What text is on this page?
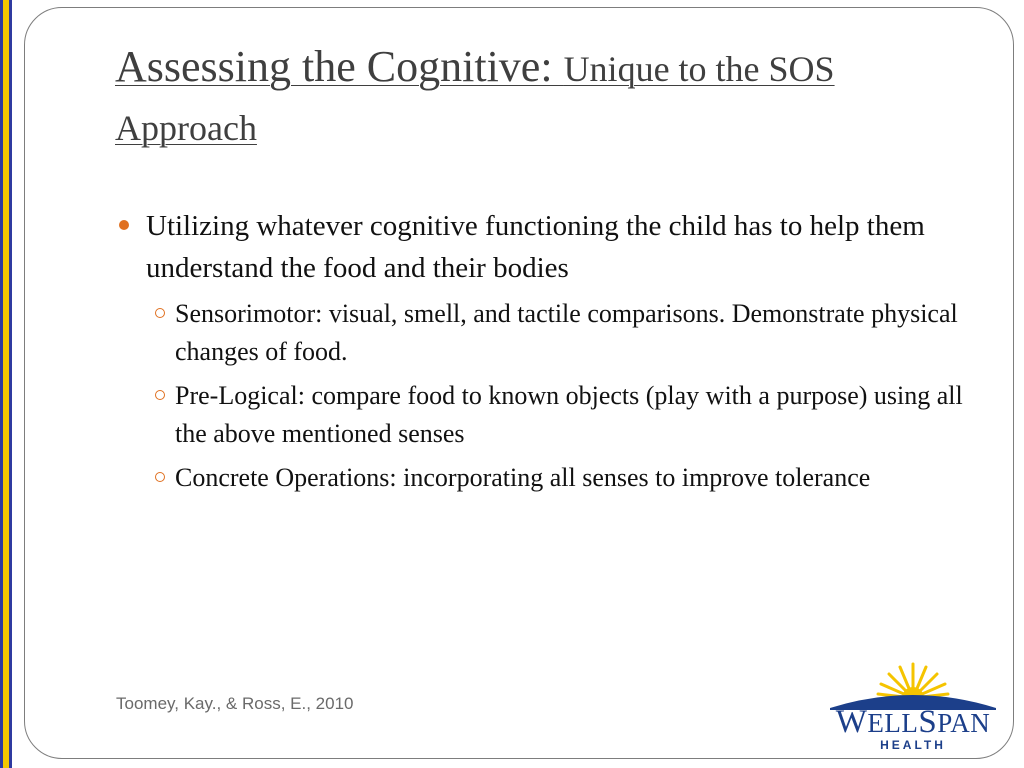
Assessing the Cognitive: Unique to the SOS Approach
Utilizing whatever cognitive functioning the child has to help them understand the food and their bodies
Sensorimotor: visual, smell, and tactile comparisons. Demonstrate physical changes of food.
Pre-Logical: compare food to known objects (play with a purpose) using all the above mentioned senses
Concrete Operations: incorporating all senses to improve tolerance
Toomey, Kay., & Ross, E., 2010
WELLSPAN
HEALTH
